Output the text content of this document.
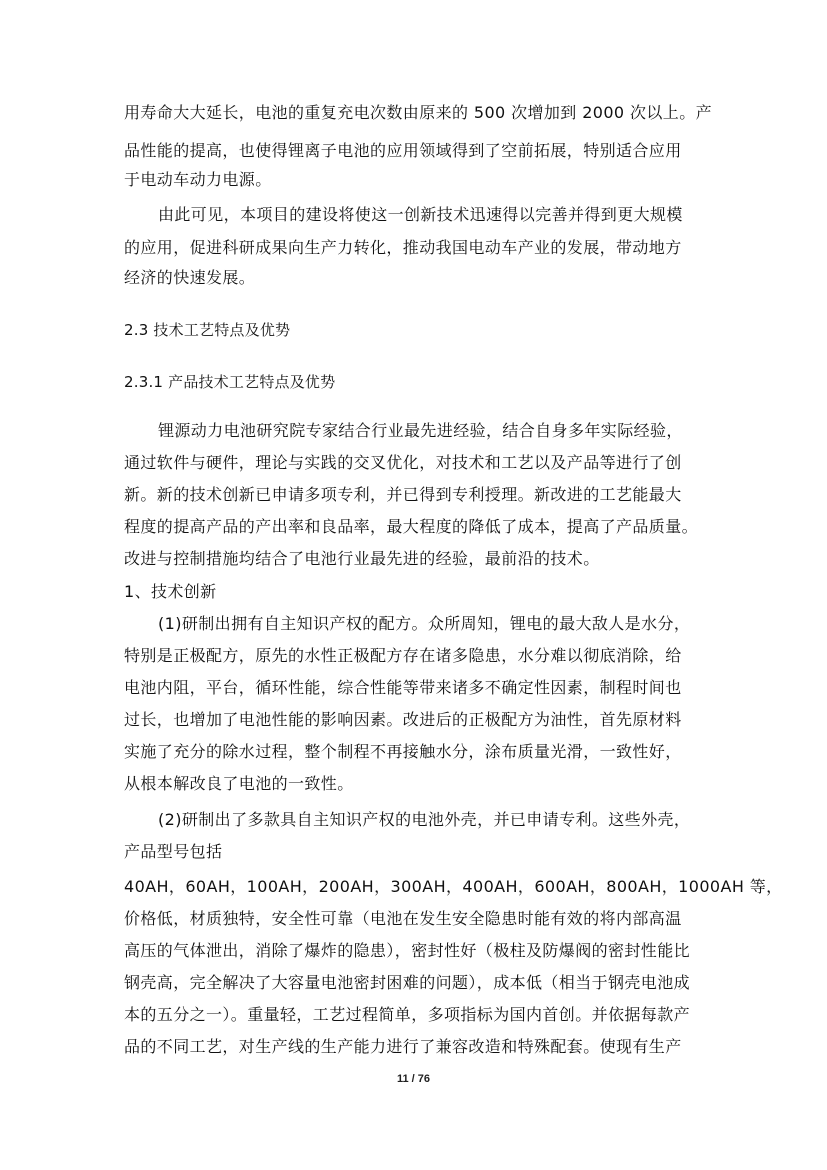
用寿命大大延长，电池的重复充电次数由原来的 500 次增加到 2000 次以上。产
品性能的提高，也使得锂离子电池的应用领域得到了空前拓展，特别适合应用
于电动车动力电源。
由此可见，本项目的建设将使这一创新技术迅速得以完善并得到更大规模
的应用，促进科研成果向生产力转化，推动我国电动车产业的发展，带动地方
经济的快速发展。
2.3 技术工艺特点及优势
2.3.1 产品技术工艺特点及优势
锂源动力电池研究院专家结合行业最先进经验，结合自身多年实际经验，
通过软件与硬件，理论与实践的交叉优化，对技术和工艺以及产品等进行了创
新。新的技术创新已申请多项专利，并已得到专利授理。新改进的工艺能最大
程度的提高产品的产出率和良品率，最大程度的降低了成本，提高了产品质量。
改进与控制措施均结合了电池行业最先进的经验，最前沿的技术。
1、技术创新
(1)研制出拥有自主知识产权的配方。众所周知，锂电的最大敌人是水分，
特别是正极配方，原先的水性正极配方存在诸多隐患，水分难以彻底消除，给
电池内阻，平台，循环性能，综合性能等带来诸多不确定性因素，制程时间也
过长，也增加了电池性能的影响因素。改进后的正极配方为油性，首先原材料
实施了充分的除水过程，整个制程不再接触水分，涂布质量光滑，一致性好，
从根本解改良了电池的一致性。
(2)研制出了多款具自主知识产权的电池外壳，并已申请专利。这些外壳，
产品型号包括
40AH，60AH，100AH，200AH，300AH，400AH，600AH，800AH，1000AH 等，
价格低，材质独特，安全性可靠（电池在发生安全隐患时能有效的将内部高温
高压的气体泄出，消除了爆炸的隐患），密封性好（极柱及防爆阀的密封性能比
钢壳高，完全解决了大容量电池密封困难的问题），成本低（相当于钢壳电池成
本的五分之一）。重量轻，工艺过程简单，多项指标为国内首创。并依据每款产
品的不同工艺，对生产线的生产能力进行了兼容改造和特殊配套。使现有生产
11 / 76
